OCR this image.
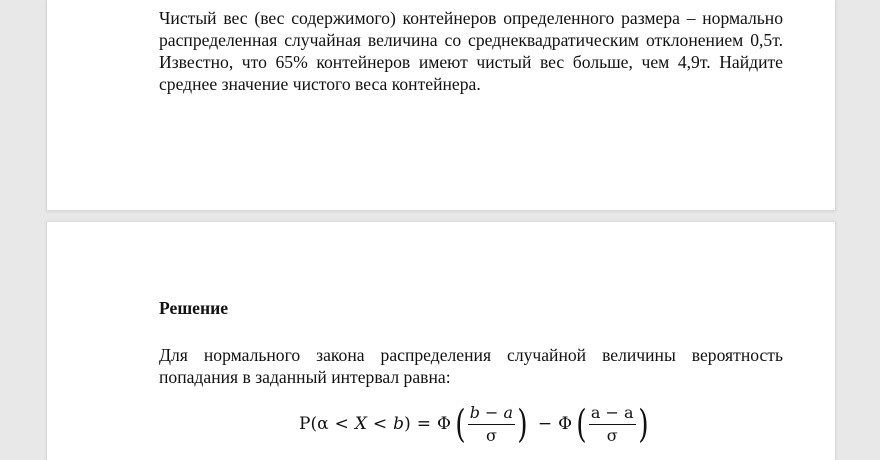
Чистый вес (вес содержимого) контейнеров определенного размера – нормально распределенная случайная величина со среднеквадратическим отклонением 0,5т. Известно, что 65% контейнеров имеют чистый вес больше, чем 4,9т. Найдите среднее значение чистого веса контейнера.
Решение
Для нормального закона распределения случайной величины вероятность попадания в заданный интервал равна:
P( α < X < b ) = Φ ( $\frac{b - a}{\sigma}$ ) − Φ ( $\frac{a - a}{\sigma}$ )
